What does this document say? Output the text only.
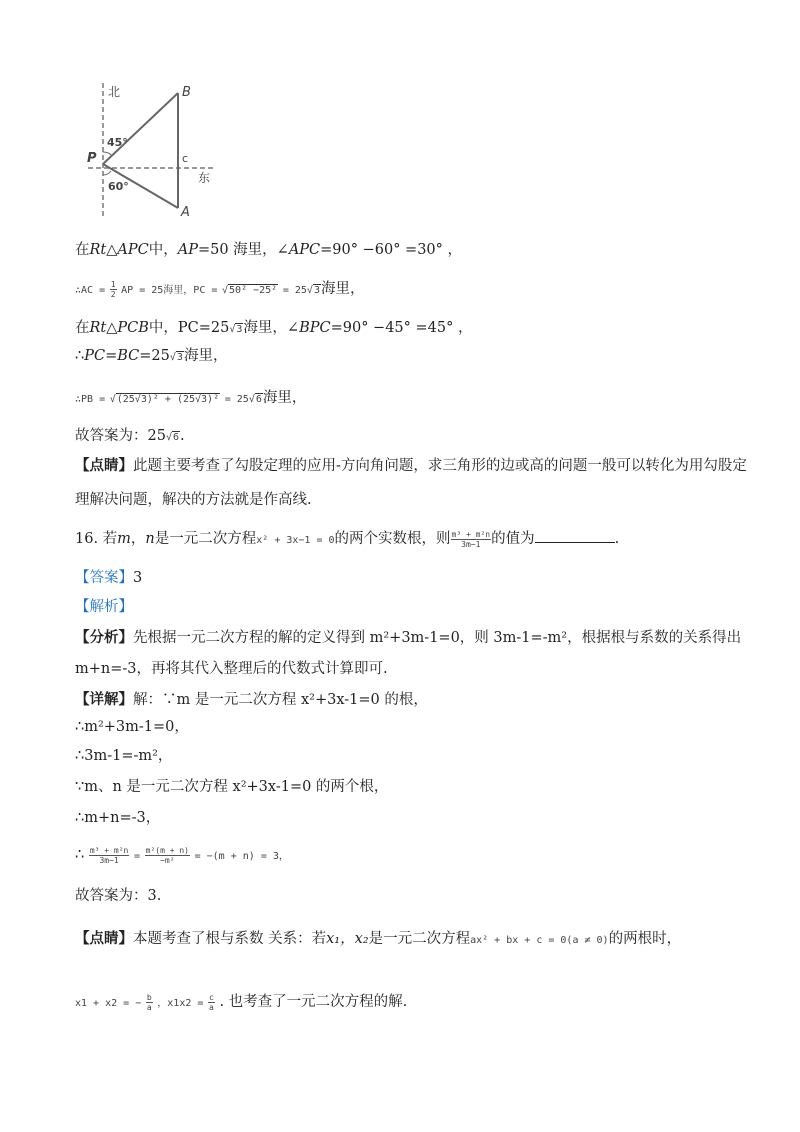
北	B
45°
P	c
东
60°
A
在Rt△APC中，AP=50 海里，∠APC=90° −60° =30° ，
∴AC = $\frac{1}{2}$ AP = 25海里，PC = √50² −25² = 25√3海里，
在Rt△PCB中，PC=25√3海里，∠BPC=90° −45° =45° ，
∴PC=BC=25√3海里，
∴PB = √(25√3)² + (25√3)² = 25√6海里，
故答案为：25√6.
【点睛】此题主要考查了勾股定理的应用-方向角问题，求三角形的边或高的问题一般可以转化为用勾股定
理解决问题，解决的方法就是作高线.
16. 若m，n是一元二次方程x² + 3x−1 = 0的两个实数根，则 $\frac{\text{m³ + m²n}}{3m-1}$ 的值为	.
【答案】3
【解析】
【分析】先根据一元二次方程的解的定义得到 m²+3m-1=0，则 3m-1=-m²，根据根与系数的关系得出
m+n=-3，再将其代入整理后的代数式计算即可.
【详解】解：∵m 是一元二次方程 x²+3x-1=0 的根，
∴m²+3m-1=0，
∴3m-1=-m²，
∵m、n 是一元二次方程 x²+3x-1=0 的两个根，
∴m+n=-3，
∴ $\frac{\text{m³ + m²n}}{3m-1} = \frac{\text{m²(m + n)}}{\text{−m²}} = -(m + n) = 3$，
故答案为：3.
【点睛】本题考查了根与系数 关系：若x₁，x₂是一元二次方程ax² + bx + c = 0(a ≠ 0)的两根时，
x1 + x2 = − $\frac{b}{a}$ ，$x1x2 = \frac{c}{a}$ . 也考查了一元二次方程的解.
